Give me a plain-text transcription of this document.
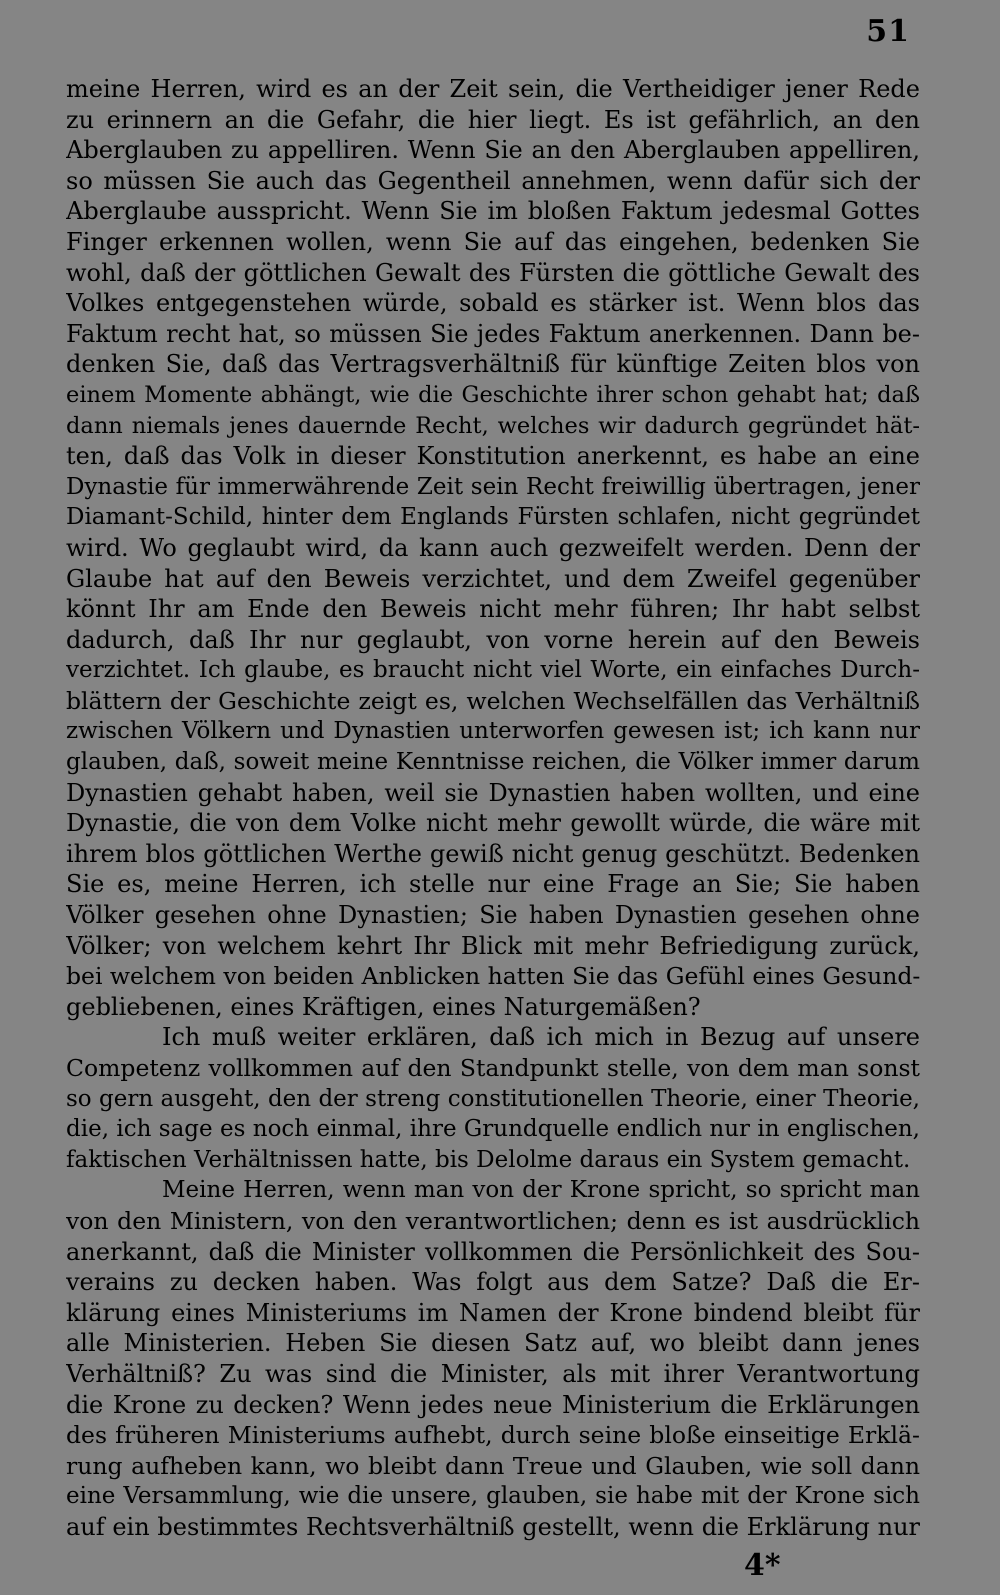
51
meine Herren, wird es an der Zeit sein, die Vertheidiger jener Rede
zu erinnern an die Gefahr, die hier liegt. Es ist gefährlich, an den
Aberglauben zu appelliren. Wenn Sie an den Aberglauben appelliren,
so müssen Sie auch das Gegentheil annehmen, wenn dafür sich der
Aberglaube ausspricht. Wenn Sie im bloßen Faktum jedesmal Gottes
Finger erkennen wollen, wenn Sie auf das eingehen, bedenken Sie
wohl, daß der göttlichen Gewalt des Fürsten die göttliche Gewalt des
Volkes entgegenstehen würde, sobald es stärker ist. Wenn blos das
Faktum recht hat, so müssen Sie jedes Faktum anerkennen. Dann be-
denken Sie, daß das Vertragsverhältniß für künftige Zeiten blos von
einem Momente abhängt, wie die Geschichte ihrer schon gehabt hat; daß
dann niemals jenes dauernde Recht, welches wir dadurch gegründet hät-
ten, daß das Volk in dieser Konstitution anerkennt, es habe an eine
Dynastie für immerwährende Zeit sein Recht freiwillig übertragen, jener
Diamant-Schild, hinter dem Englands Fürsten schlafen, nicht gegründet
wird. Wo geglaubt wird, da kann auch gezweifelt werden. Denn der
Glaube hat auf den Beweis verzichtet, und dem Zweifel gegenüber
könnt Ihr am Ende den Beweis nicht mehr führen; Ihr habt selbst
dadurch, daß Ihr nur geglaubt, von vorne herein auf den Beweis
verzichtet. Ich glaube, es braucht nicht viel Worte, ein einfaches Durch-
blättern der Geschichte zeigt es, welchen Wechselfällen das Verhältniß
zwischen Völkern und Dynastien unterworfen gewesen ist; ich kann nur
glauben, daß, soweit meine Kenntnisse reichen, die Völker immer darum
Dynastien gehabt haben, weil sie Dynastien haben wollten, und eine
Dynastie, die von dem Volke nicht mehr gewollt würde, die wäre mit
ihrem blos göttlichen Werthe gewiß nicht genug geschützt. Bedenken
Sie es, meine Herren, ich stelle nur eine Frage an Sie; Sie haben
Völker gesehen ohne Dynastien; Sie haben Dynastien gesehen ohne
Völker; von welchem kehrt Ihr Blick mit mehr Befriedigung zurück,
bei welchem von beiden Anblicken hatten Sie das Gefühl eines Gesund-
gebliebenen, eines Kräftigen, eines Naturgemäßen?
Ich muß weiter erklären, daß ich mich in Bezug auf unsere
Competenz vollkommen auf den Standpunkt stelle, von dem man sonst
so gern ausgeht, den der streng constitutionellen Theorie, einer Theorie,
die, ich sage es noch einmal, ihre Grundquelle endlich nur in englischen,
faktischen Verhältnissen hatte, bis Delolme daraus ein System gemacht.
Meine Herren, wenn man von der Krone spricht, so spricht man
von den Ministern, von den verantwortlichen; denn es ist ausdrücklich
anerkannt, daß die Minister vollkommen die Persönlichkeit des Sou-
verains zu decken haben. Was folgt aus dem Satze? Daß die Er-
klärung eines Ministeriums im Namen der Krone bindend bleibt für
alle Ministerien. Heben Sie diesen Satz auf, wo bleibt dann jenes
Verhältniß? Zu was sind die Minister, als mit ihrer Verantwortung
die Krone zu decken? Wenn jedes neue Ministerium die Erklärungen
des früheren Ministeriums aufhebt, durch seine bloße einseitige Erklä-
rung aufheben kann, wo bleibt dann Treue und Glauben, wie soll dann
eine Versammlung, wie die unsere, glauben, sie habe mit der Krone sich
auf ein bestimmtes Rechtsverhältniß gestellt, wenn die Erklärung nur
4*
